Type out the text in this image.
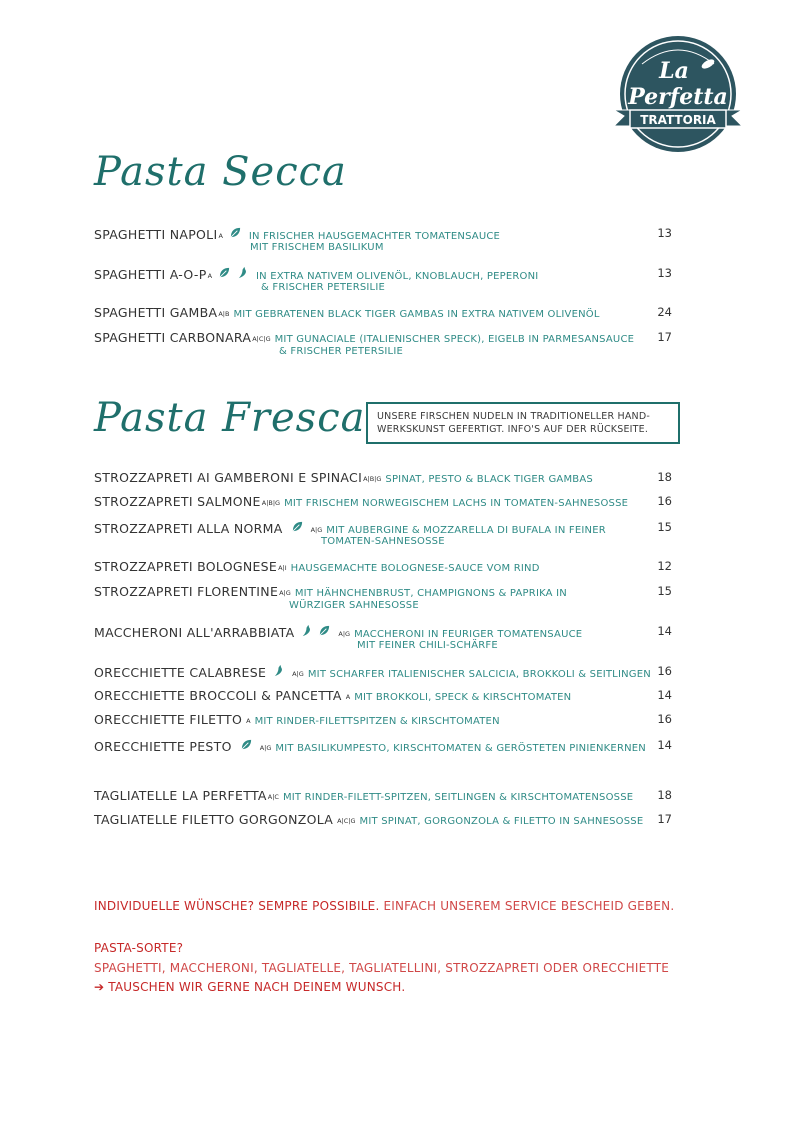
La
Perfetta
TRATTORIA
Pasta Secca
SPAGHETTI NAPOLI A	IN FRISCHER HAUSGEMACHTER TOMATENSAUCE
MIT FRISCHEM BASILIKUM
13
SPAGHETTI A-O-P A	IN EXTRA NATIVEM OLIVENÖL, KNOBLAUCH, PEPERONI
& FRISCHER PETERSILIE
13
SPAGHETTI GAMBA A|B MIT GEBRATENEN BLACK TIGER GAMBAS IN EXTRA NATIVEM OLIVENÖL	24
SPAGHETTI CARBONARA A|C|G MIT GUNACIALE (ITALIENISCHER SPECK), EIGELB IN PARMESANSAUCE
& FRISCHER PETERSILIE
17
Pasta Fresca	UNSERE FIRSCHEN NUDELN IN TRADITIONELLER HAND- WERKSKUNST GEFERTIGT. INFO'S AUF DER RÜCKSEITE.
STROZZAPRETI AI GAMBERONI E SPINACI A|B|G SPINAT, PESTO & BLACK TIGER GAMBAS	18
STROZZAPRETI SALMONE A|B|G MIT FRISCHEM NORWEGISCHEM LACHS IN TOMATEN-SAHNESOSSE	16
STROZZAPRETI ALLA NORMA	A|G MIT AUBERGINE & MOZZARELLA DI BUFALA IN FEINER
TOMATEN-SAHNESOSSE
15
STROZZAPRETI BOLOGNESE A|I HAUSGEMACHTE BOLOGNESE-SAUCE VOM RIND	12
STROZZAPRETI FLORENTINE A|G MIT HÄHNCHENBRUST, CHAMPIGNONS & PAPRIKA IN
WÜRZIGER SAHNESOSSE
15
MACCHERONI ALL'ARRABBIATA	A|G MACCHERONI IN FEURIGER TOMATENSAUCE
MIT FEINER CHILI-SCHÄRFE
14
ORECCHIETTE CALABRESE	A|G MIT SCHARFER ITALIENISCHER SALCICIA, BROKKOLI & SEITLINGEN 16
ORECCHIETTE BROCCOLI & PANCETTA A MIT BROKKOLI, SPECK & KIRSCHTOMATEN	14
ORECCHIETTE FILETTO A MIT RINDER-FILETTSPITZEN & KIRSCHTOMATEN	16
ORECCHIETTE PESTO	A|G MIT BASILIKUMPESTO, KIRSCHTOMATEN & GERÖSTETEN PINIENKERNEN 14
TAGLIATELLE LA PERFETTA A|C MIT RINDER-FILETT-SPITZEN, SEITLINGEN & KIRSCHTOMATENSOSSE 18
TAGLIATELLE FILETTO GORGONZOLA A|C|G MIT SPINAT, GORGONZOLA & FILETTO IN SAHNESOSSE 17
INDIVIDUELLE WÜNSCHE? SEMPRE POSSIBILE. EINFACH UNSEREM SERVICE BESCHEID GEBEN.
PASTA-SORTE?
SPAGHETTI, MACCHERONI, TAGLIATELLE, TAGLIATELLINI, STROZZAPRETI ODER ORECCHIETTE
➔ TAUSCHEN WIR GERNE NACH DEINEM WUNSCH.
